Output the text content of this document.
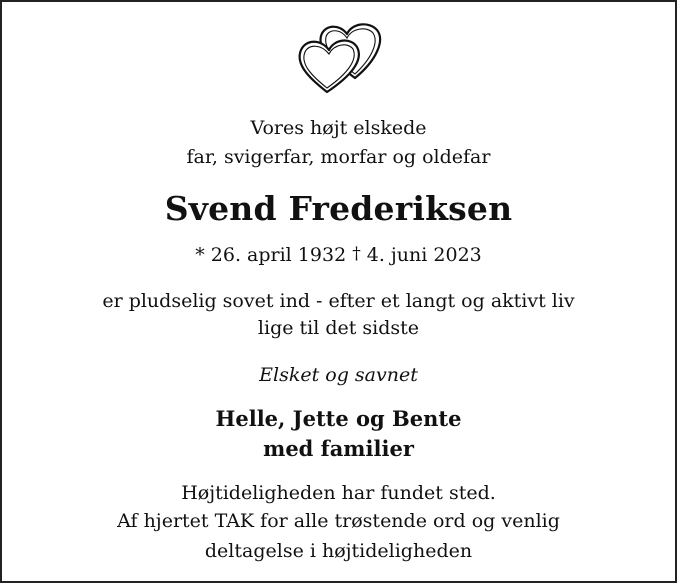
Vores højt elskede
far, svigerfar, morfar og oldefar
Svend Frederiksen
* 26. april 1932 † 4. juni 2023
er pludselig sovet ind - efter et langt og aktivt liv
lige til det sidste
Elsket og savnet
Helle, Jette og Bente
med familier
Højtideligheden har fundet sted.
Af hjertet TAK for alle trøstende ord og venlig
deltagelse i højtideligheden
